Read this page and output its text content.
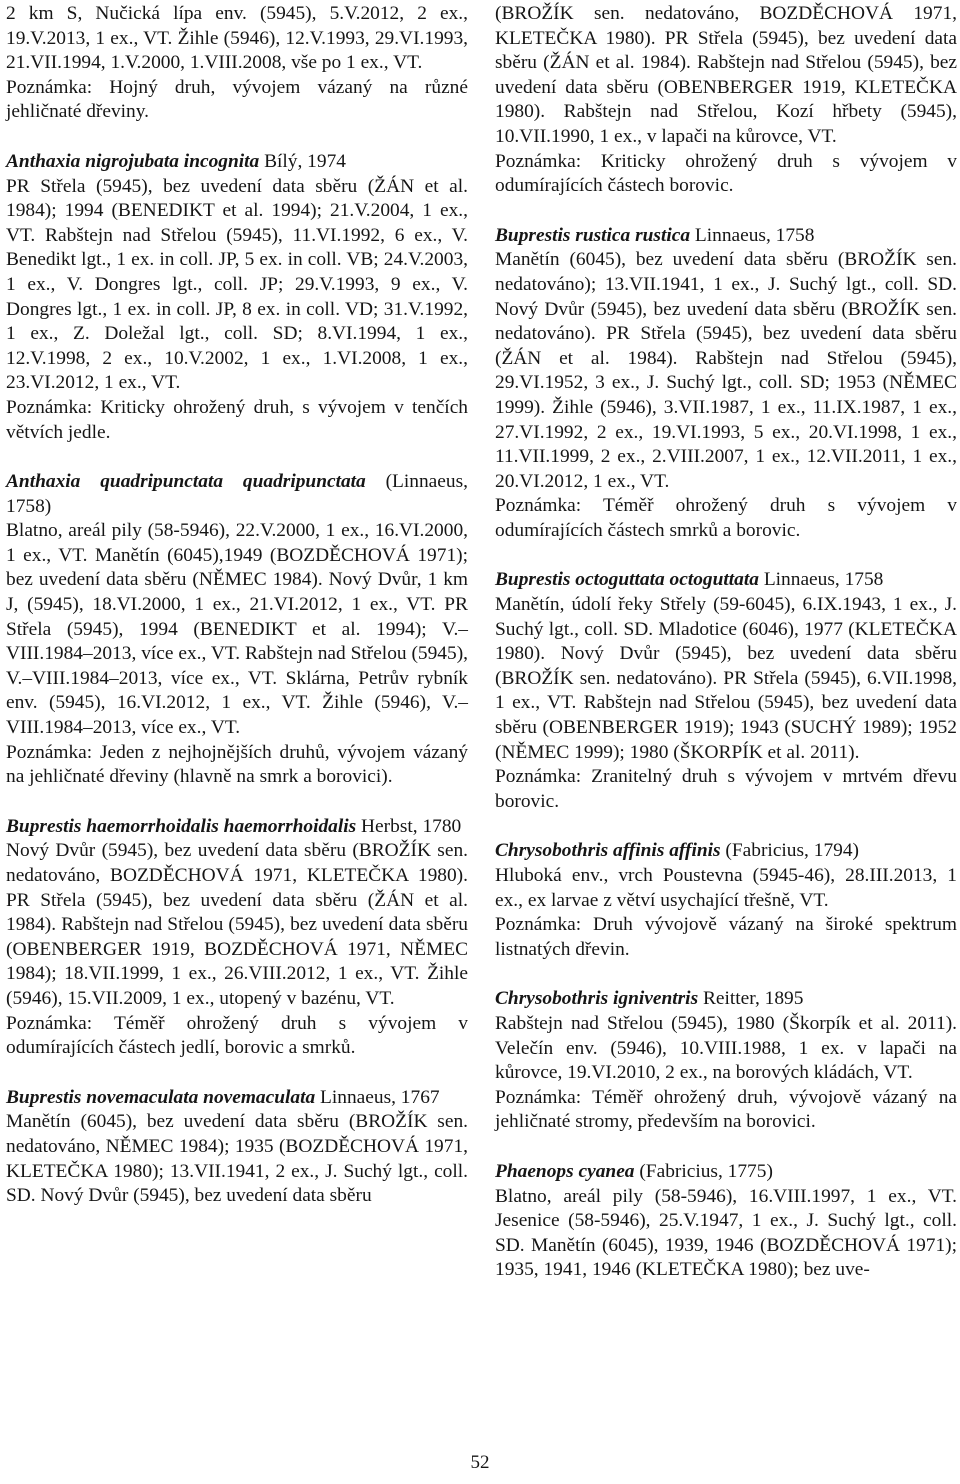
2 km S, Nučická lípa env. (5945), 5.V.2012, 2 ex., 19.V.2013, 1 ex., VT. Žihle (5946), 12.V.1993, 29.VI.1993, 21.VII.1994, 1.V.2000, 1.VIII.2008, vše po 1 ex., VT.

Poznámka: Hojný druh, vývojem vázaný na různé jehličnaté dřeviny.

Anthaxia nigrojubata incognita Bílý, 1974

PR Střela (5945), bez uvedení data sběru (ŽÁN et al. 1984); 1994 (BENEDIKT et al. 1994); 21.V.2004, 1 ex., VT. Rabštejn nad Střelou (5945), 11.VI.1992, 6 ex., V. Benedikt lgt., 1 ex. in coll. JP, 5 ex. in coll. VB; 24.V.2003, 1 ex., V. Dongres lgt., coll. JP; 29.V.1993, 9 ex., V. Dongres lgt., 1 ex. in coll. JP, 8 ex. in coll. VD; 31.V.1992, 1 ex., Z. Doležal lgt., coll. SD; 8.VI.1994, 1 ex., 12.V.1998, 2 ex., 10.V.2002, 1 ex., 1.VI.2008, 1 ex., 23.VI.2012, 1 ex., VT.

Poznámka: Kriticky ohrožený druh, s vývojem v tenčích větvích jedle.

Anthaxia quadripunctata quadripunctata (Linnaeus, 1758)

Blatno, areál pily (58-5946), 22.V.2000, 1 ex., 16.VI.2000, 1 ex., VT. Manětín (6045),1949 (BOZDĚCHOVÁ 1971); bez uvedení data sběru (NĚMEC 1984). Nový Dvůr, 1 km J, (5945), 18.VI.2000, 1 ex., 21.VI.2012, 1 ex., VT. PR Střela (5945), 1994 (BENEDIKT et al. 1994); V.–VIII.1984–2013, více ex., VT. Rabštejn nad Střelou (5945), V.–VIII.1984–2013, více ex., VT. Sklárna, Petrův rybník env. (5945), 16.VI.2012, 1 ex., VT. Žihle (5946), V.–VIII.1984–2013, více ex., VT.

Poznámka: Jeden z nejhojnějších druhů, vývojem vázaný na jehličnaté dřeviny (hlavně na smrk a borovici).

Buprestis haemorrhoidalis haemorrhoidalis Herbst, 1780

Nový Dvůr (5945), bez uvedení data sběru (BROŽÍK sen. nedatováno, BOZDĚCHOVÁ 1971, KLETEČKA 1980). PR Střela (5945), bez uvedení data sběru (ŽÁN et al. 1984). Rabštejn nad Střelou (5945), bez uvedení data sběru (OBENBERGER 1919, BOZDĚCHOVÁ 1971, NĚMEC 1984); 18.VII.1999, 1 ex., 26.VIII.2012, 1 ex., VT. Žihle (5946), 15.VII.2009, 1 ex., utopený v bazénu, VT.

Poznámka: Téměř ohrožený druh s vývojem v odumírajících částech jedlí, borovic a smrků.

Buprestis novemaculata novemaculata Linnaeus, 1767

Manětín (6045), bez uvedení data sběru (BROŽÍK sen. nedatováno, NĚMEC 1984); 1935 (BOZDĚCHOVÁ 1971, KLETEČKA 1980); 13.VII.1941, 2 ex., J. Suchý lgt., coll. SD. Nový Dvůr (5945), bez uvedení data sběru

(BROŽÍK sen. nedatováno, BOZDĚCHOVÁ 1971, KLETEČKA 1980). PR Střela (5945), bez uvedení data sběru (ŽÁN et al. 1984). Rabštejn nad Střelou (5945), bez uvedení data sběru (OBENBERGER 1919, KLETEČKA 1980). Rabštejn nad Střelou, Kozí hřbety (5945), 10.VII.1990, 1 ex., v lapači na kůrovce, VT.

Poznámka: Kriticky ohrožený druh s vývojem v odumírajících částech borovic.

Buprestis rustica rustica Linnaeus, 1758

Manětín (6045), bez uvedení data sběru (BROŽÍK sen. nedatováno); 13.VII.1941, 1 ex., J. Suchý lgt., coll. SD. Nový Dvůr (5945), bez uvedení data sběru (BROŽÍK sen. nedatováno). PR Střela (5945), bez uvedení data sběru (ŽÁN et al. 1984). Rabštejn nad Střelou (5945), 29.VI.1952, 3 ex., J. Suchý lgt., coll. SD; 1953 (NĚMEC 1999). Žihle (5946), 3.VII.1987, 1 ex., 11.IX.1987, 1 ex., 27.VI.1992, 2 ex., 19.VI.1993, 5 ex., 20.VI.1998, 1 ex., 11.VII.1999, 2 ex., 2.VIII.2007, 1 ex., 12.VII.2011, 1 ex., 20.VI.2012, 1 ex., VT.

Poznámka: Téměř ohrožený druh s vývojem v odumírajících částech smrků a borovic.

Buprestis octoguttata octoguttata Linnaeus, 1758

Manětín, údolí řeky Střely (59-6045), 6.IX.1943, 1 ex., J. Suchý lgt., coll. SD. Mladotice (6046), 1977 (KLETEČKA 1980). Nový Dvůr (5945), bez uvedení data sběru (BROŽÍK sen. nedatováno). PR Střela (5945), 6.VII.1998, 1 ex., VT. Rabštejn nad Střelou (5945), bez uvedení data sběru (OBENBERGER 1919); 1943 (SUCHÝ 1989); 1952 (NĚMEC 1999); 1980 (ŠKORPÍK et al. 2011).

Poznámka: Zranitelný druh s vývojem v mrtvém dřevu borovic.

Chrysobothris affinis affinis (Fabricius, 1794)

Hluboká env., vrch Poustevna (5945-46), 28.III.2013, 1 ex., ex larvae z větví usychající třešně, VT.

Poznámka: Druh vývojově vázaný na široké spektrum listnatých dřevin.

Chrysobothris igniventris Reitter, 1895

Rabštejn nad Střelou (5945), 1980 (Škorpík et al. 2011). Velečín env. (5946), 10.VIII.1988, 1 ex. v lapači na kůrovce, 19.VI.2010, 2 ex., na borových kládách, VT.

Poznámka: Téměř ohrožený druh, vývojově vázaný na jehličnaté stromy, především na borovici.

Phaenops cyanea (Fabricius, 1775)

Blatno, areál pily (58-5946), 16.VIII.1997, 1 ex., VT. Jesenice (58-5946), 25.V.1947, 1 ex., J. Suchý lgt., coll. SD. Manětín (6045), 1939, 1946 (BOZDĚCHOVÁ 1971); 1935, 1941, 1946 (KLETEČKA 1980); bez uve-

52
